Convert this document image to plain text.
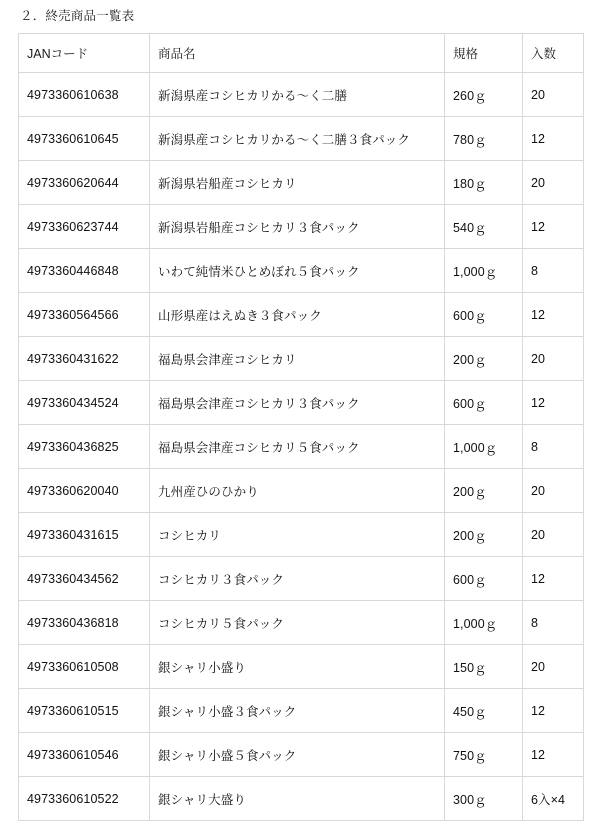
２．終売商品一覧表
JANコード	商品名	規格	入数
4973360610638	新潟県産コシヒカリかる〜く二膳	260ｇ	20
4973360610645	新潟県産コシヒカリかる〜く二膳３食パック	780ｇ	12
4973360620644	新潟県岩船産コシヒカリ	180ｇ	20
4973360623744	新潟県岩船産コシヒカリ３食パック	540ｇ	12
4973360446848	いわて純情米ひとめぼれ５食パック	1,000ｇ	8
4973360564566	山形県産はえぬき３食パック	600ｇ	12
4973360431622	福島県会津産コシヒカリ	200ｇ	20
4973360434524	福島県会津産コシヒカリ３食パック	600ｇ	12
4973360436825	福島県会津産コシヒカリ５食パック	1,000ｇ	8
4973360620040	九州産ひのひかり	200ｇ	20
4973360431615	コシヒカリ	200ｇ	20
4973360434562	コシヒカリ３食パック	600ｇ	12
4973360436818	コシヒカリ５食パック	1,000ｇ	8
4973360610508	銀シャリ小盛り	150ｇ	20
4973360610515	銀シャリ小盛３食パック	450ｇ	12
4973360610546	銀シャリ小盛５食パック	750ｇ	12
4973360610522	銀シャリ大盛り	300ｇ	6入×4
